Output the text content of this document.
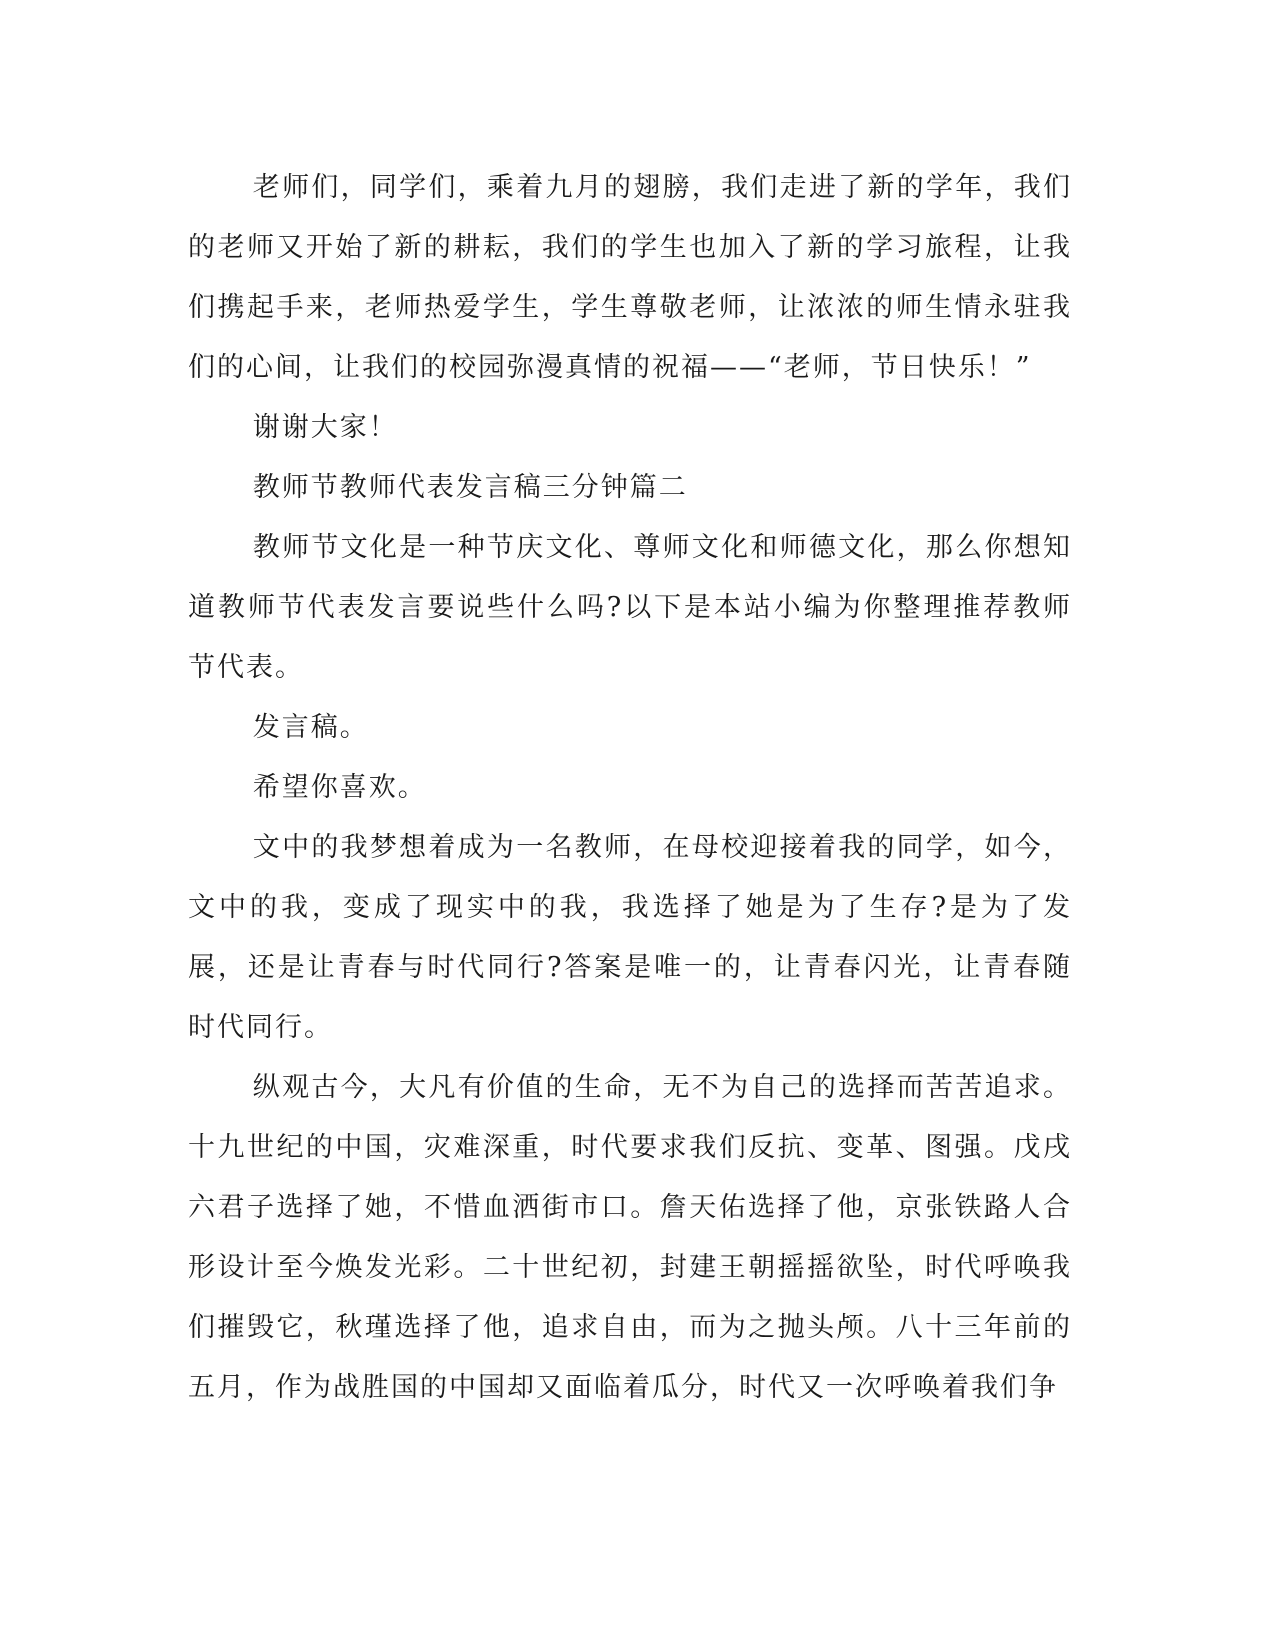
老师们，同学们，乘着九月的翅膀，我们走进了新的学年，我们的老师又开始了新的耕耘，我们的学生也加入了新的学习旅程，让我们携起手来，老师热爱学生，学生尊敬老师，让浓浓的师生情永驻我们的心间，让我们的校园弥漫真情的祝福——“老师，节日快乐！”

谢谢大家！

教师节教师代表发言稿三分钟篇二

教师节文化是一种节庆文化、尊师文化和师德文化，那么你想知道教师节代表发言要说些什么吗?以下是本站小编为你整理推荐教师节代表。

发言稿。

希望你喜欢。

文中的我梦想着成为一名教师，在母校迎接着我的同学，如今，文中的我，变成了现实中的我，我选择了她是为了生存?是为了发展，还是让青春与时代同行?答案是唯一的，让青春闪光，让青春随时代同行。

纵观古今，大凡有价值的生命，无不为自己的选择而苦苦追求。十九世纪的中国，灾难深重，时代要求我们反抗、变革、图强。戊戌六君子选择了她，不惜血洒街市口。詹天佑选择了他，京张铁路人合形设计至今焕发光彩。二十世纪初，封建王朝摇摇欲坠，时代呼唤我们摧毁它，秋瑾选择了他，追求自由，而为之抛头颅。八十三年前的五月，作为战胜国的中国却又面临着瓜分，时代又一次呼唤着我们争
